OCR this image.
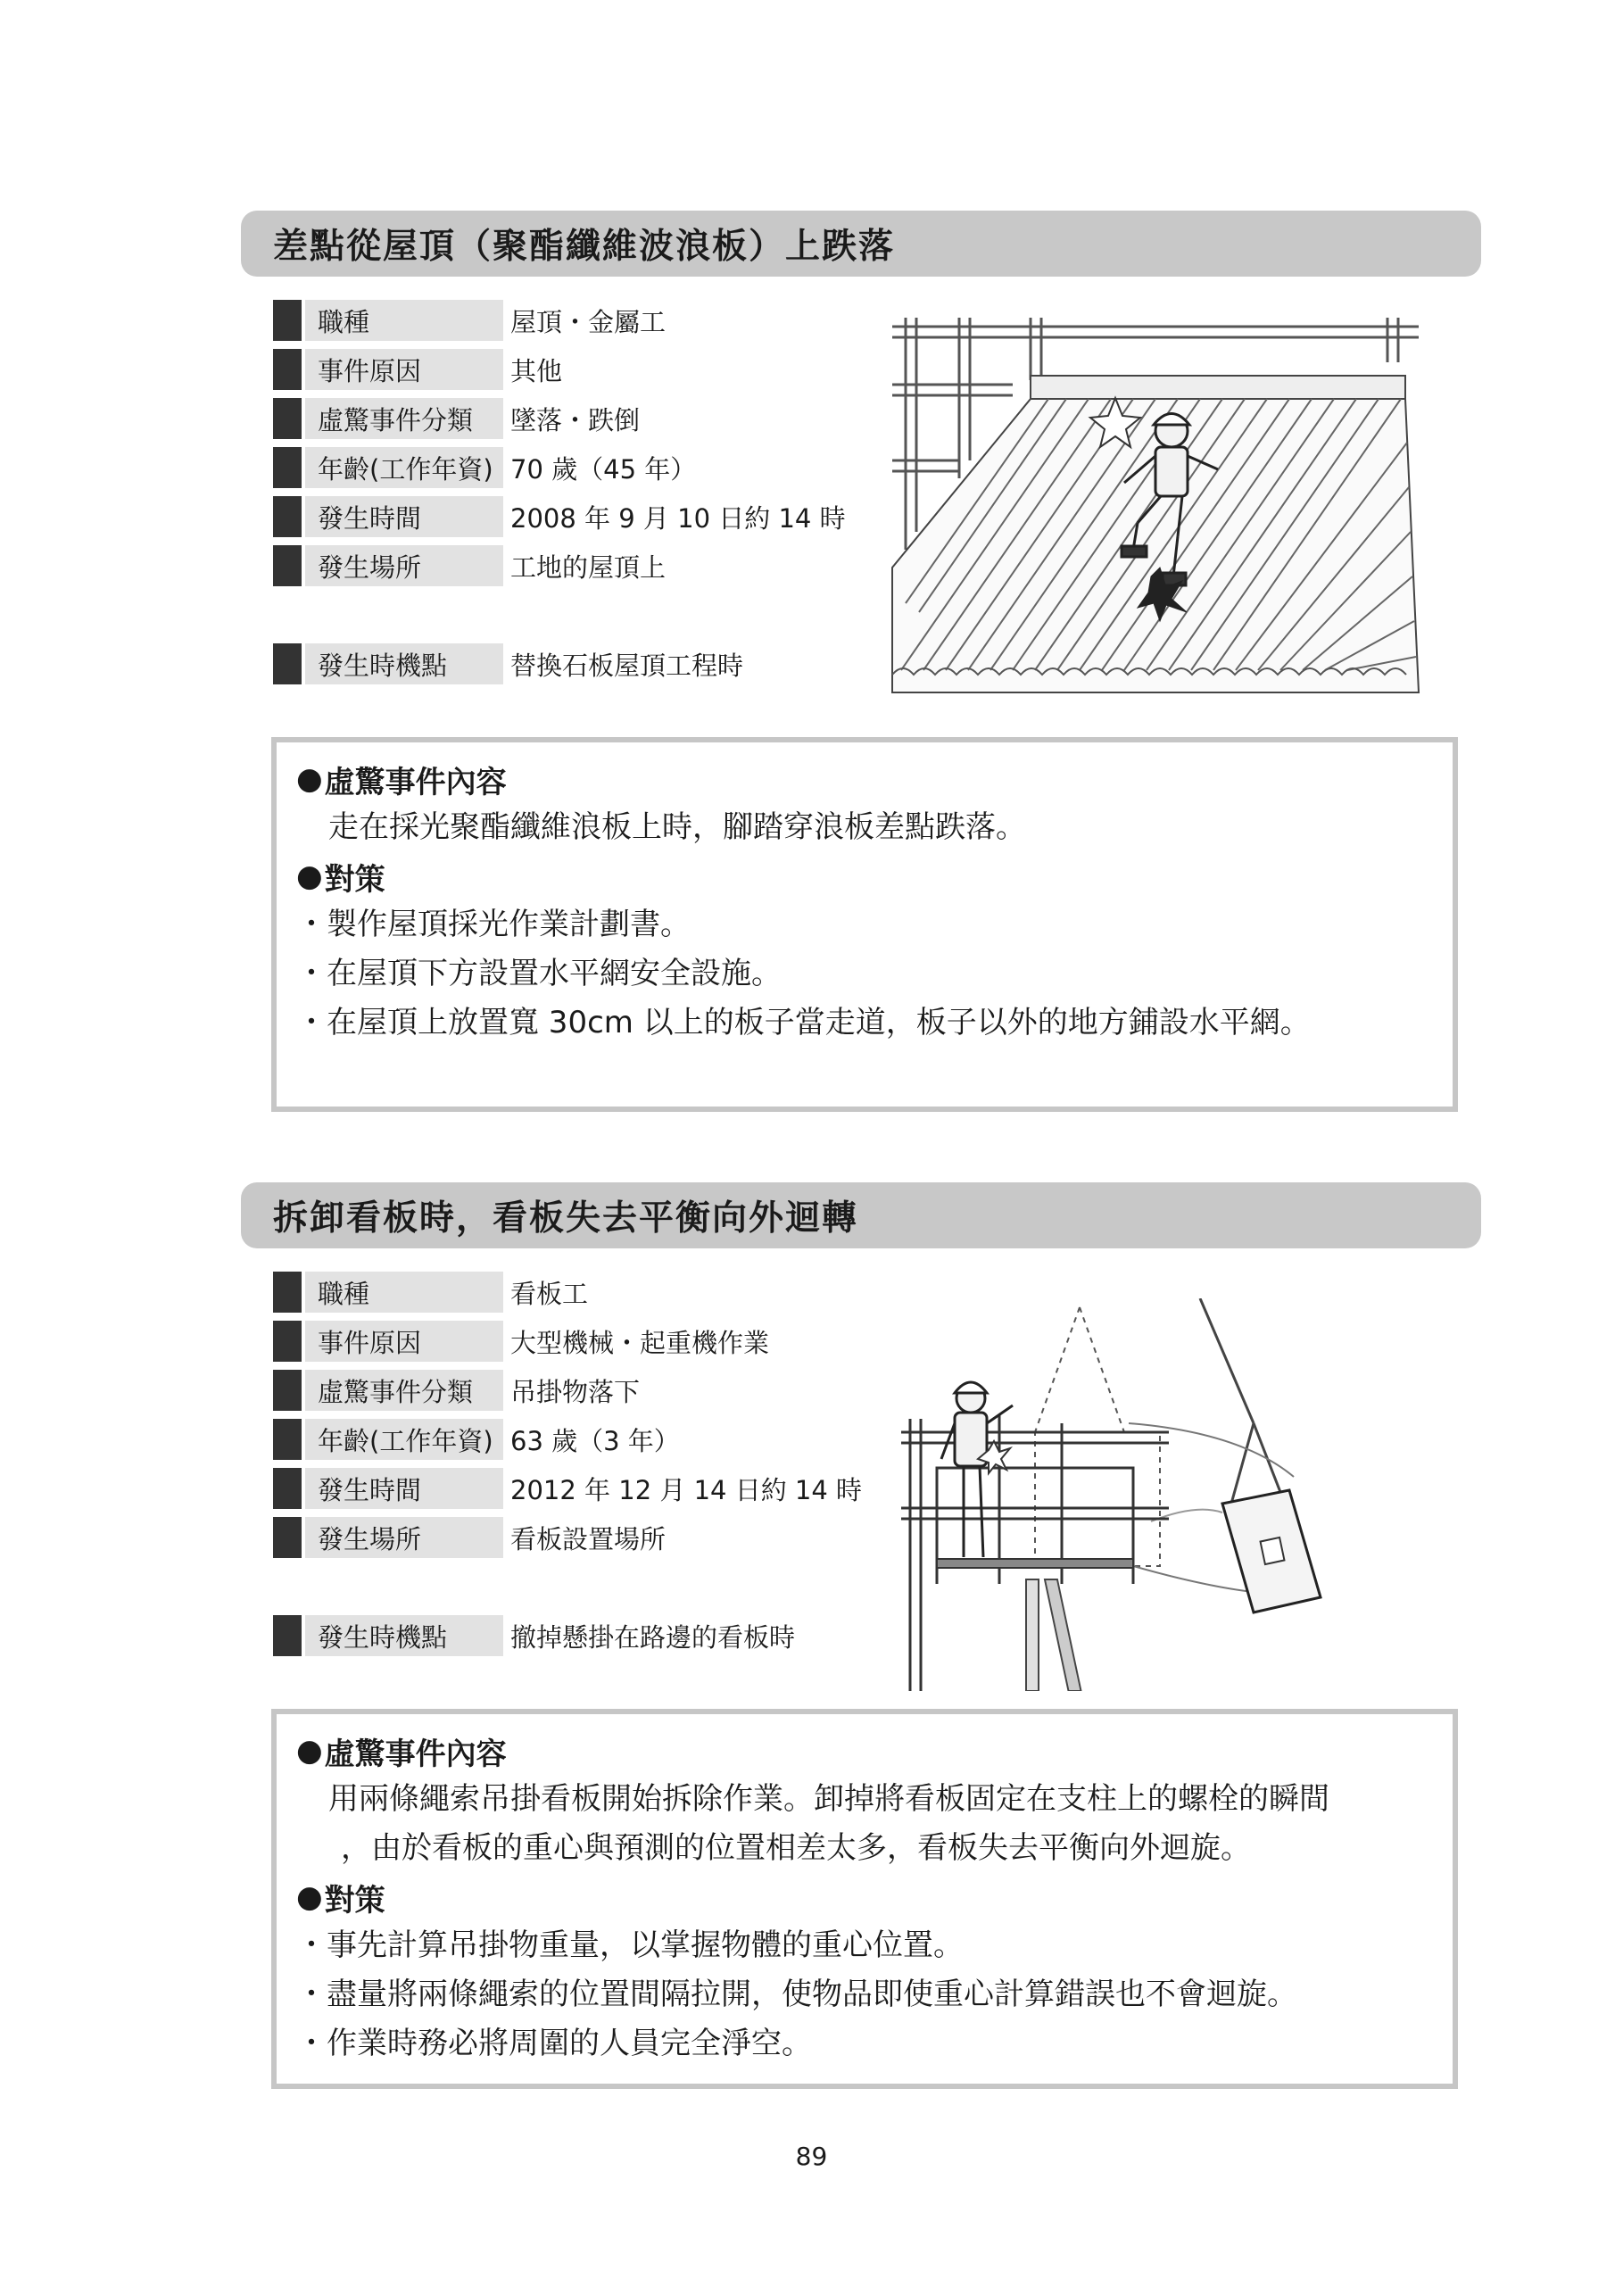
差點從屋頂（聚酯纖維波浪板）上跌落
職種	屋頂・金屬工
事件原因	其他
虛驚事件分類	墜落・跌倒
年齡(工作年資) 70 歲（45 年）
發生時間	2008 年 9 月 10 日約 14 時
發生場所	工地的屋頂上
發生時機點	替換石板屋頂工程時
● 虛驚事件內容
走在採光聚酯纖維浪板上時，腳踏穿浪板差點跌落。
● 對策
・製作屋頂採光作業計劃書。
・在屋頂下方設置水平網安全設施。
・在屋頂上放置寬 30cm 以上的板子當走道，板子以外的地方鋪設水平網。
拆卸看板時，看板失去平衡向外迴轉
職種	看板工
事件原因	大型機械・起重機作業
虛驚事件分類	吊掛物落下
年齡(工作年資) 63 歲（3 年）
發生時間	2012 年 12 月 14 日約 14 時
發生場所	看板設置場所
發生時機點	撤掉懸掛在路邊的看板時
● 虛驚事件內容
用兩條繩索吊掛看板開始拆除作業。卸掉將看板固定在支柱上的螺栓的瞬間
，由於看板的重心與預測的位置相差太多，看板失去平衡向外迴旋。
● 對策
・事先計算吊掛物重量，以掌握物體的重心位置。
・盡量將兩條繩索的位置間隔拉開，使物品即使重心計算錯誤也不會迴旋。
・作業時務必將周圍的人員完全淨空。
89
